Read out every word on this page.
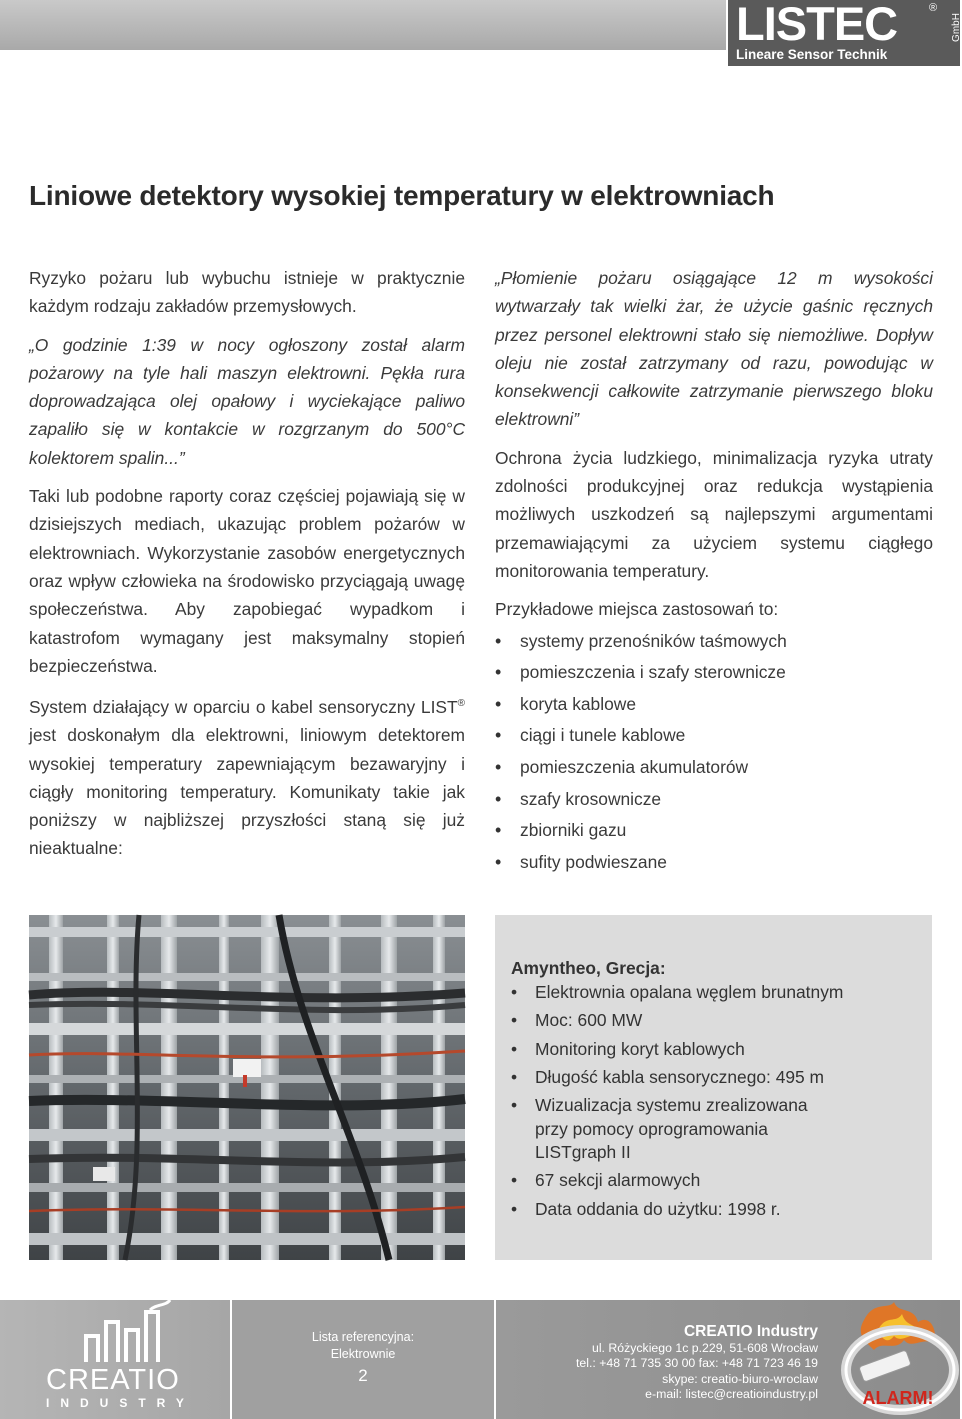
LISTEC	®
GmbH
Lineare Sensor Technik
Liniowe detektory wysokiej temperatury w elektrowniach

Ryzyko pożaru lub wybuchu istnieje w praktycznie każdym rodzaju zakładów przemysłowych.

„O godzinie 1:39 w nocy ogłoszony został alarm pożarowy na tyle hali maszyn elektrowni. Pękła rura doprowadzająca olej opałowy i wyciekające paliwo zapaliło się w kontakcie w rozgrzanym do 500°C kolektorem spalin...”

Taki lub podobne raporty coraz częściej pojawiają się w dzisiejszych mediach, ukazując problem pożarów w elektrowniach. Wykorzystanie zasobów energetycznych oraz wpływ człowieka na środowisko przyciągają uwagę społeczeństwa. Aby zapobiegać wypadkom i katastrofom wymagany jest maksymalny stopień bezpieczeństwa.

System działający w oparciu o kabel sensoryczny LIST® jest doskonałym dla elektrowni, liniowym detektorem wysokiej temperatury zapewniającym bezawaryjny i ciągły monitoring temperatury. Komunikaty takie jak poniższy w najbliższej przyszłości staną się już nieaktualne:

„Płomienie pożaru osiągające 12 m wysokości wytwarzały tak wielki żar, że użycie gaśnic ręcznych przez personel elektrowni stało się niemożliwe. Dopływ oleju nie został zatrzymany od razu, powodując w konsekwencji całkowite zatrzymanie pierwszego bloku elektrowni”

Ochrona życia ludzkiego, minimalizacja ryzyka utraty zdolności produkcyjnej oraz redukcja wystąpienia możliwych uszkodzeń są najlepszymi argumentami przemawiającymi za użyciem systemu ciągłego monitorowania temperatury.

Przykładowe miejsca zastosowań to:

• systemy przenośników taśmowych
• pomieszczenia i szafy sterownicze
• koryta kablowe
• ciągi i tunele kablowe
• pomieszczenia akumulatorów
• szafy krosownicze
• zbiorniki gazu
• sufity podwieszane
Amyntheo, Grecja:
• Elektrownia opalana węglem brunatnym
• Moc: 600 MW
• Monitoring koryt kablowych
• Długość kabla sensorycznego: 495 m
• Wizualizacja systemu zrealizowana przy pomocy oprogramowania LISTgraph II
• 67 sekcji alarmowych
• Data oddania do użytku: 1998 r.
CREATIO
INDUSTRY
Lista referencyjna:
Elektrownie
2
CREATIO Industry
ul. Różyckiego 1c p.229, 51-608 Wrocław
tel.: +48 71 735 30 00 fax: +48 71 723 46 19
skype: creatio-biuro-wroclaw
e-mail: listec@creatioindustry.pl ALARM!
